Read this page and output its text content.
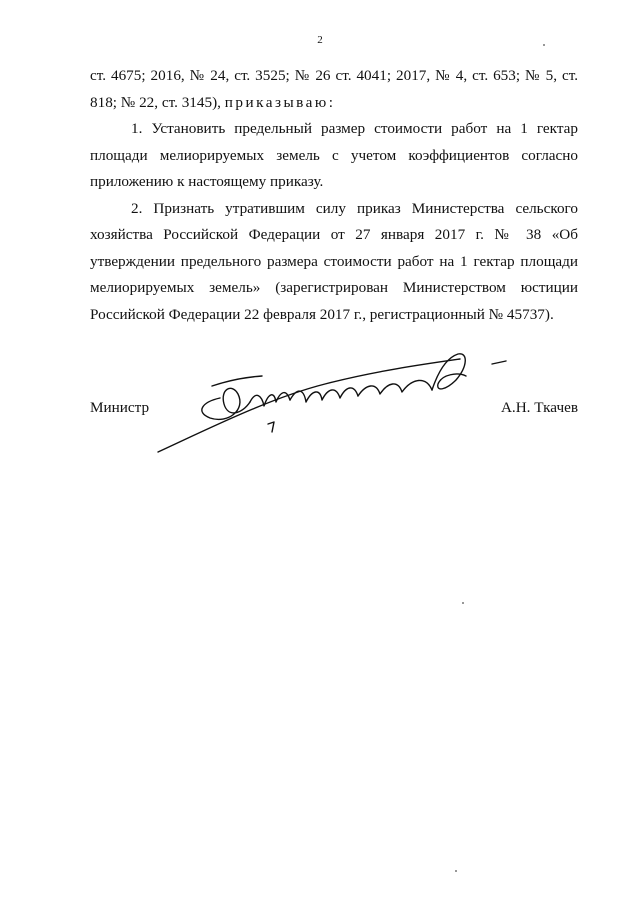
2

ст. 4675; 2016, № 24, ст. 3525; № 26 ст. 4041; 2017, № 4, ст. 653; № 5, ст. 818; № 22, ст. 3145), приказываю:

1. Установить предельный размер стоимости работ на 1 гектар площади мелиорируемых земель с учетом коэффициентов согласно приложению к настоящему приказу.

2. Признать утратившим силу приказ Министерства сельского хозяйства Российской Федерации от 27 января 2017 г. № 38 «Об утверждении предельного размера стоимости работ на 1 гектар площади мелиорируемых земель» (зарегистрирован Министерством юстиции Российской Федерации 22 февраля 2017 г., регистрационный № 45737).

Министр	А.Н. Ткачев
